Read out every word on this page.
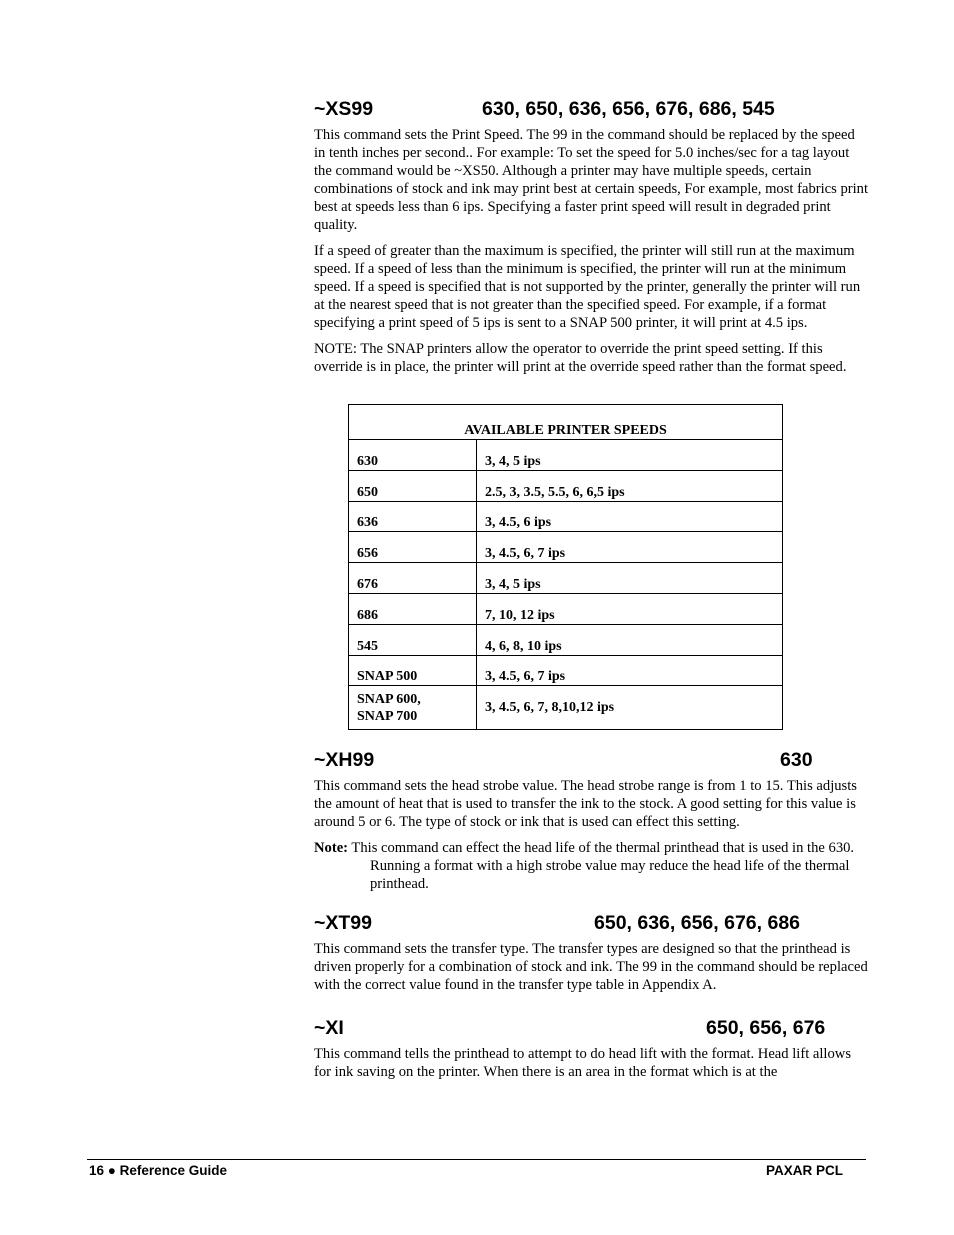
~XS99	630, 650, 636, 656, 676, 686, 545

This command sets the Print Speed. The 99 in the command should be replaced by the speed in tenth inches per second.. For example: To set the speed for 5.0 inches/sec for a tag layout the command would be ~XS50. Although a printer may have multiple speeds, certain combinations of stock and ink may print best at certain speeds, For example, most fabrics print best at speeds less than 6 ips. Specifying a faster print speed will result in degraded print quality.

If a speed of greater than the maximum is specified, the printer will still run at the maximum speed. If a speed of less than the minimum is specified, the printer will run at the minimum speed. If a speed is specified that is not supported by the printer, generally the printer will run at the nearest speed that is not greater than the specified speed. For example, if a format specifying a print speed of 5 ips is sent to a SNAP 500 printer, it will print at 4.5 ips.

NOTE: The SNAP printers allow the operator to override the print speed setting. If this override is in place, the printer will print at the override speed rather than the format speed.

AVAILABLE PRINTER SPEEDS	
630	3, 4, 5 ips
650	2.5, 3, 3.5, 5.5, 6, 6,5 ips
636	3, 4.5, 6 ips
656	3, 4.5, 6, 7 ips
676	3, 4, 5 ips
686	7, 10, 12 ips
545	4, 6, 8, 10 ips
SNAP 500	3, 4.5, 6, 7 ips

SNAP 600,
SNAP 700	3, 4.5, 6, 7, 8,10,12 ips
~XH99	630

This command sets the head strobe value. The head strobe range is from 1 to 15. This adjusts the amount of heat that is used to transfer the ink to the stock. A good setting for this value is around 5 or 6. The type of stock or ink that is used can effect this setting.

Note: This command can effect the head life of the thermal printhead that is used in the 630. Running a format with a high strobe value may reduce the head life of the thermal printhead.

~XT99	650, 636, 656, 676, 686

This command sets the transfer type. The transfer types are designed so that the printhead is driven properly for a combination of stock and ink. The 99 in the command should be replaced with the correct value found in the transfer type table in Appendix A.

~XI	650, 656, 676

This command tells the printhead to attempt to do head lift with the format. Head lift allows for ink saving on the printer. When there is an area in the format which is at the

16 ● Reference Guide	PAXAR PCL
